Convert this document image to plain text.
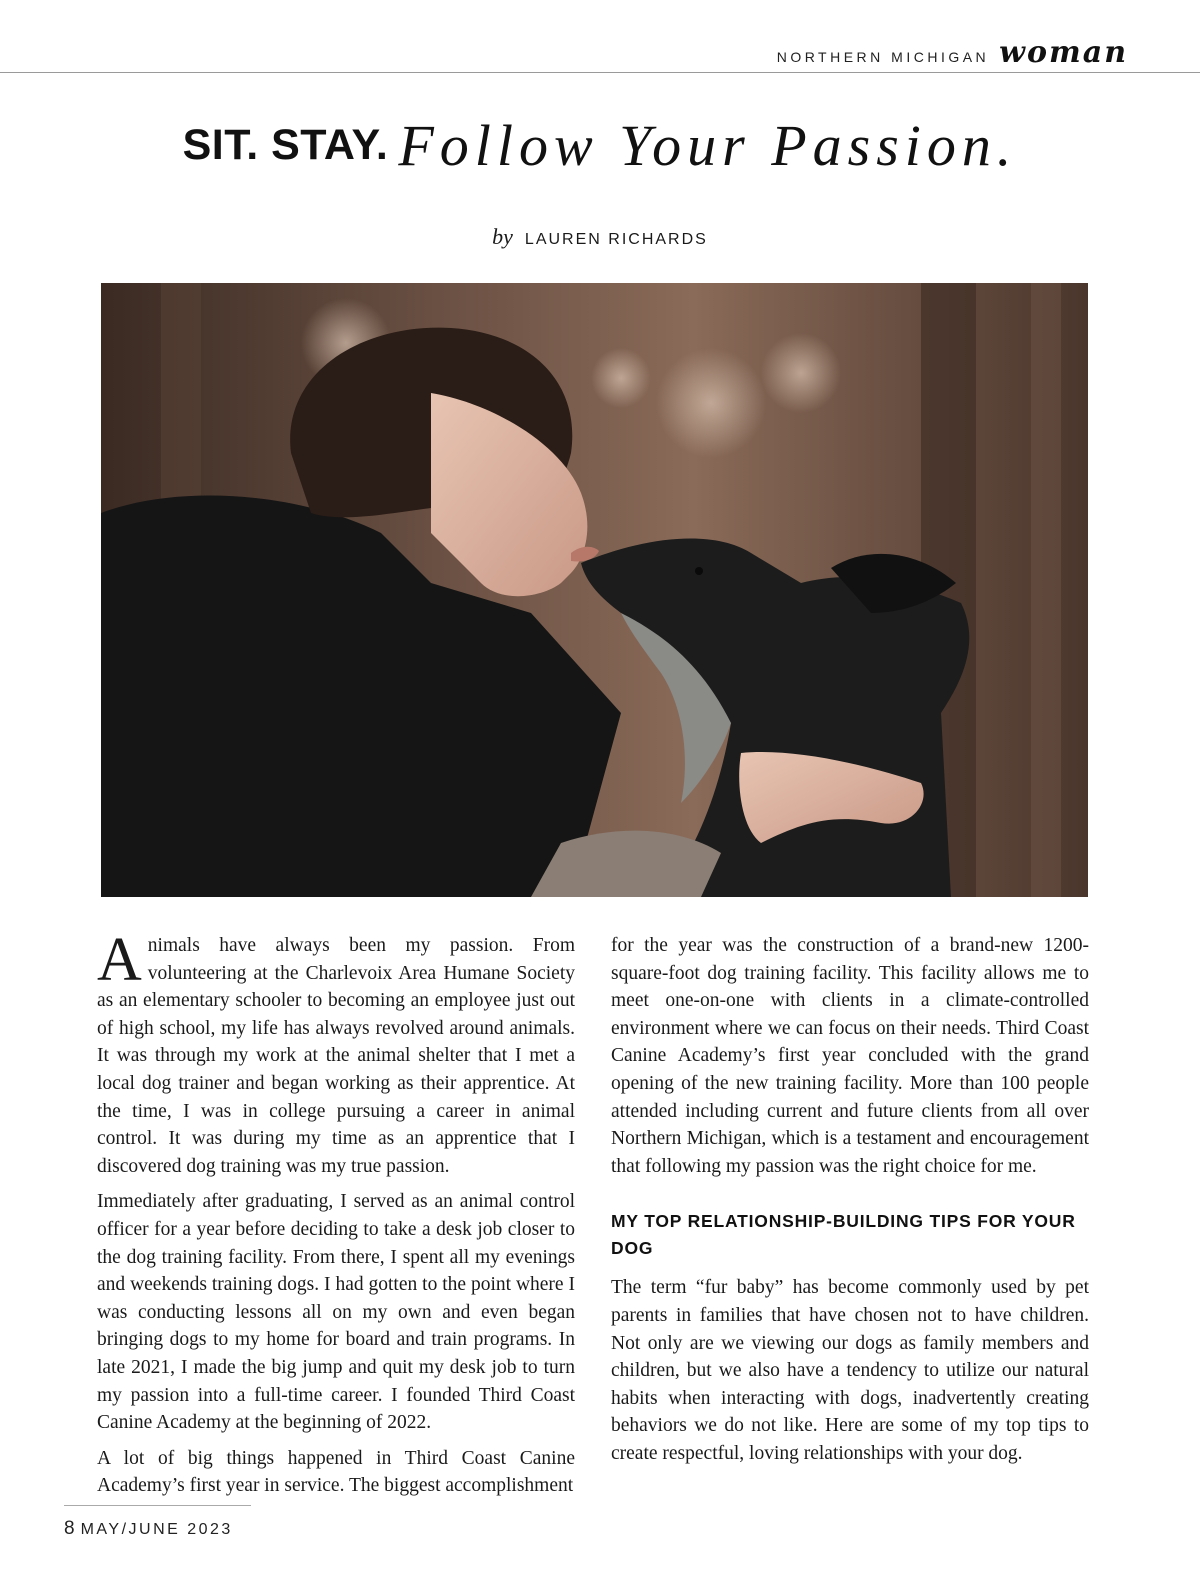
NORTHERN MICHIGAN woman
SIT. STAY. Follow Your Passion.
by LAUREN RICHARDS

Animals have always been my passion. From volunteering at the Charlevoix Area Humane Society as an elementary schooler to becoming an employee just out of high school, my life has always revolved around animals. It was through my work at the animal shelter that I met a local dog trainer and began working as their apprentice. At the time, I was in college pursuing a career in animal control. It was during my time as an apprentice that I discovered dog training was my true passion.

Immediately after graduating, I served as an animal control officer for a year before deciding to take a desk job closer to the dog training facility. From there, I spent all my evenings and weekends training dogs. I had gotten to the point where I was conducting lessons all on my own and even began bringing dogs to my home for board and train programs. In late 2021, I made the big jump and quit my desk job to turn my passion into a full-time career. I founded Third Coast Canine Academy at the beginning of 2022.

A lot of big things happened in Third Coast Canine Academy’s first year in service. The biggest accomplishment

for the year was the construction of a brand-new 1200-square-foot dog training facility. This facility allows me to meet one-on-one with clients in a climate-controlled environment where we can focus on their needs. Third Coast Canine Academy’s first year concluded with the grand opening of the new training facility. More than 100 people attended including current and future clients from all over Northern Michigan, which is a testament and encouragement that following my passion was the right choice for me.

MY TOP RELATIONSHIP-BUILDING TIPS FOR YOUR DOG

The term “fur baby” has become commonly used by pet parents in families that have chosen not to have children. Not only are we viewing our dogs as family members and children, but we also have a tendency to utilize our natural habits when interacting with dogs, inadvertently creating behaviors we do not like. Here are some of my top tips to create respectful, loving relationships with your dog.

8 MAY/JUNE 2023
